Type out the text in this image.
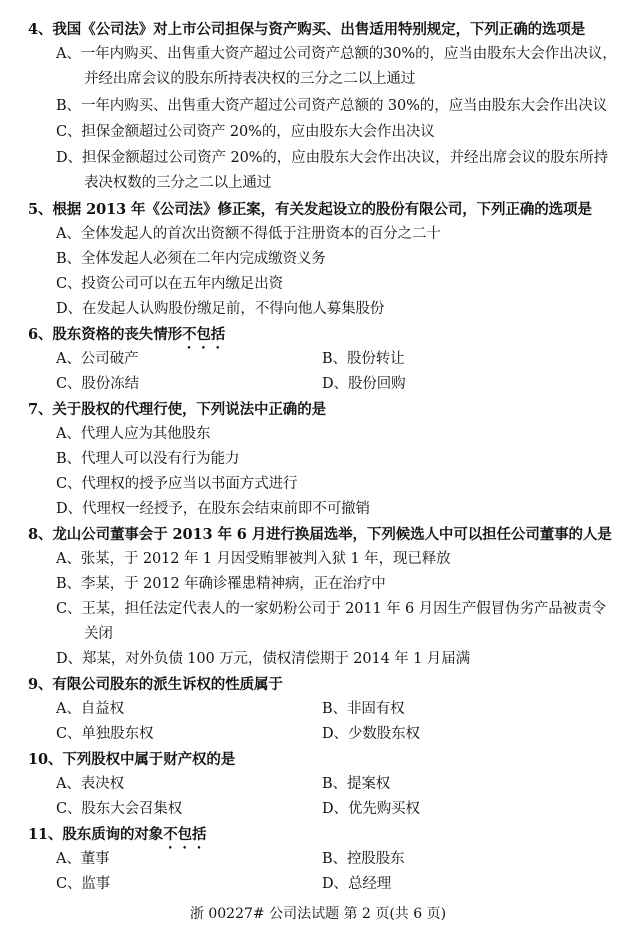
4、我国《公司法》对上市公司担保与资产购买、出售适用特别规定，下列正确的选项是
A、一年内购买、出售重大资产超过公司资产总额的30%的，应当由股东大会作出决议，
并经出席会议的股东所持表决权的三分之二以上通过
B、一年内购买、出售重大资产超过公司资产总额的 30%的，应当由股东大会作出决议
C、担保金额超过公司资产 20%的，应由股东大会作出决议
D、担保金额超过公司资产 20%的，应由股东大会作出决议，并经出席会议的股东所持
表决权数的三分之二以上通过
5、根据 2013 年《公司法》修正案，有关发起设立的股份有限公司，下列正确的选项是
A、全体发起人的首次出资额不得低于注册资本的百分之二十
B、全体发起人必须在二年内完成缴资义务
C、投资公司可以在五年内缴足出资
D、在发起人认购股份缴足前，不得向他人募集股份
6、股东资格的丧失情形不包括
A、公司破产	B、股份转让
C、股份冻结	D、股份回购
7、关于股权的代理行使，下列说法中正确的是
A、代理人应为其他股东
B、代理人可以没有行为能力
C、代理权的授予应当以书面方式进行
D、代理权一经授予，在股东会结束前即不可撤销
8、龙山公司董事会于 2013 年 6 月进行换届选举，下列候选人中可以担任公司董事的人是
A、张某，于 2012 年 1 月因受贿罪被判入狱 1 年，现已释放
B、李某，于 2012 年确诊罹患精神病，正在治疗中
C、王某，担任法定代表人的一家奶粉公司于 2011 年 6 月因生产假冒伪劣产品被责令
关闭
D、郑某，对外负债 100 万元，债权清偿期于 2014 年 1 月届满
9、有限公司股东的派生诉权的性质属于
A、自益权	B、非固有权
C、单独股东权	D、少数股东权
10、下列股权中属于财产权的是
A、表决权	B、提案权
C、股东大会召集权	D、优先购买权
11、股东质询的对象不包括
A、董事	B、控股股东
C、监事	D、总经理
浙 00227# 公司法试题 第 2 页(共 6 页)
